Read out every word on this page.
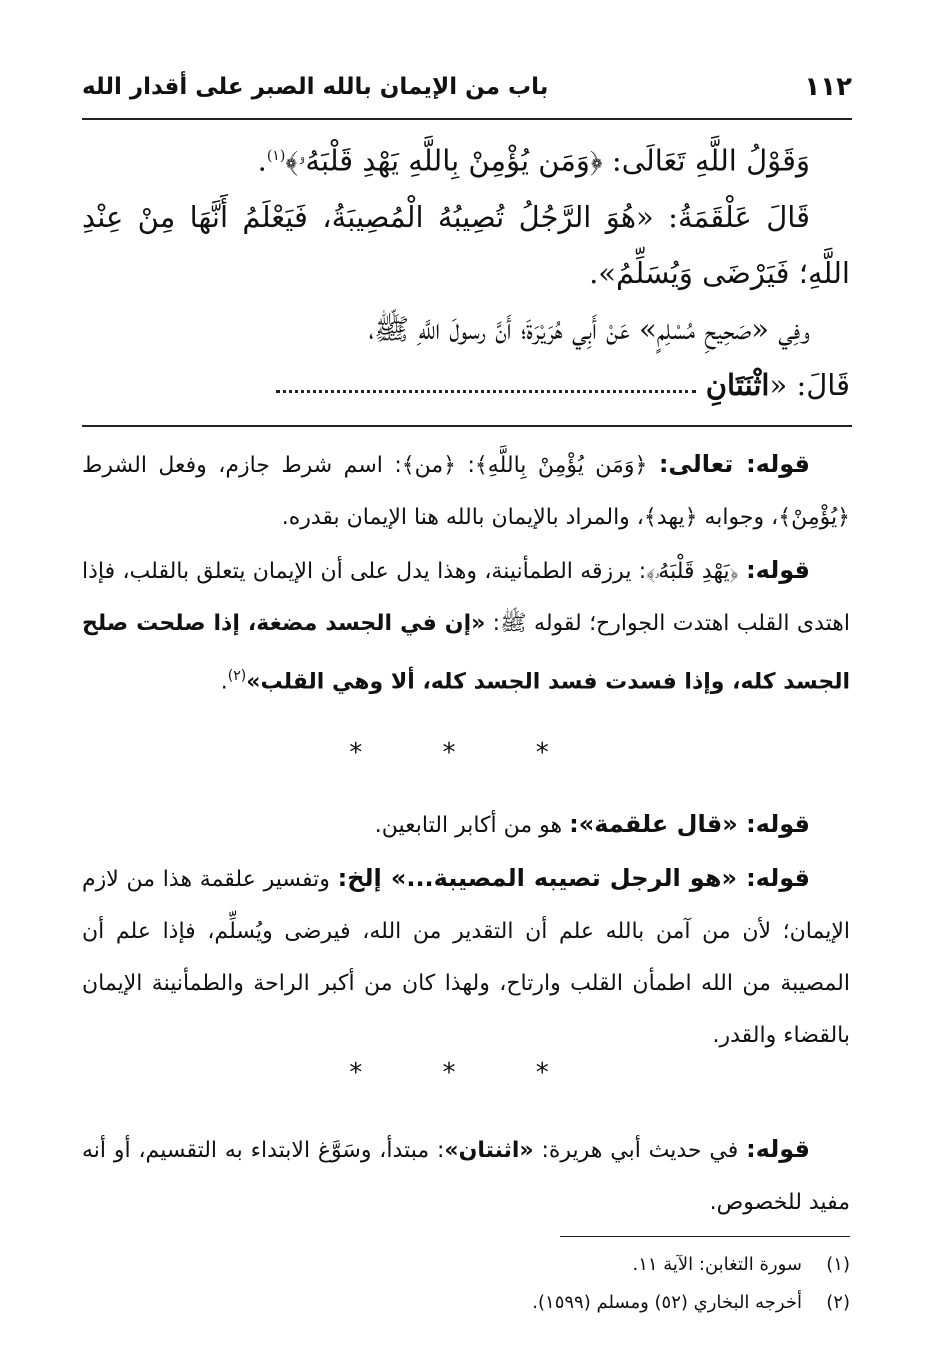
١١٢
باب من الإيمان بالله الصبر على أقدار الله

وَقَوْلُ اللَّهِ تَعَالَى: ﴿وَمَن يُؤْمِنْ بِاللَّهِ يَهْدِ قَلْبَهُۥ﴾$^{(١)}$.

قَالَ عَلْقَمَةُ: «هُوَ الرَّجُلُ تُصِيبُهُ الْمُصِيبَةُ، فَيَعْلَمُ أَنَّهَا مِنْ عِنْدِ اللَّهِ؛ فَيَرْضَى وَيُسَلِّمُ».

وفِي «صَحِيحِ مُسْلِمٍ» عَنْ أَبِي هُرَيْرَةَ؛ أَنَّ رسولَ اللَّهِ ﷺ،

قَالَ: «اثْنَتَانِ

قوله: تعالى: ﴿وَمَن يُؤْمِنْ بِاللَّهِ﴾: ﴿من﴾: اسم شرط جازم، وفعل الشرط ﴿يُؤْمِنْ﴾، وجوابه ﴿يهد﴾، والمراد بالإيمان بالله هنا الإيمان بقدره.

قوله: ﴿يَهْدِ قَلْبَهُۥ﴾: يرزقه الطمأنينة، وهذا يدل على أن الإيمان يتعلق بالقلب، فإذا اهتدى القلب اهتدت الجوارح؛ لقوله ﷺ: «إن في الجسد مضغة، إذا صلحت صلح الجسد كله، وإذا فسدت فسد الجسد كله، ألا وهي القلب»$^{(٢)}$.

* * *

قوله: «قال علقمة»: هو من أكابر التابعين.

قوله: «هو الرجل تصيبه المصيبة...» إلخ: وتفسير علقمة هذا من لازم الإيمان؛ لأن من آمن بالله علم أن التقدير من الله، فيرضى ويُسلِّم، فإذا علم أن المصيبة من الله اطمأن القلب وارتاح، ولهذا كان من أكبر الراحة والطمأنينة الإيمان بالقضاء والقدر.

* * *

قوله: في حديث أبي هريرة: «اثنتان»: مبتدأ، وسَوَّغ الابتداء به التقسيم، أو أنه مفيد للخصوص.

(١)
سورة التغابن: الآية ١١.
(٢)
أخرجه البخاري (٥٢) ومسلم (١٥٩٩).
